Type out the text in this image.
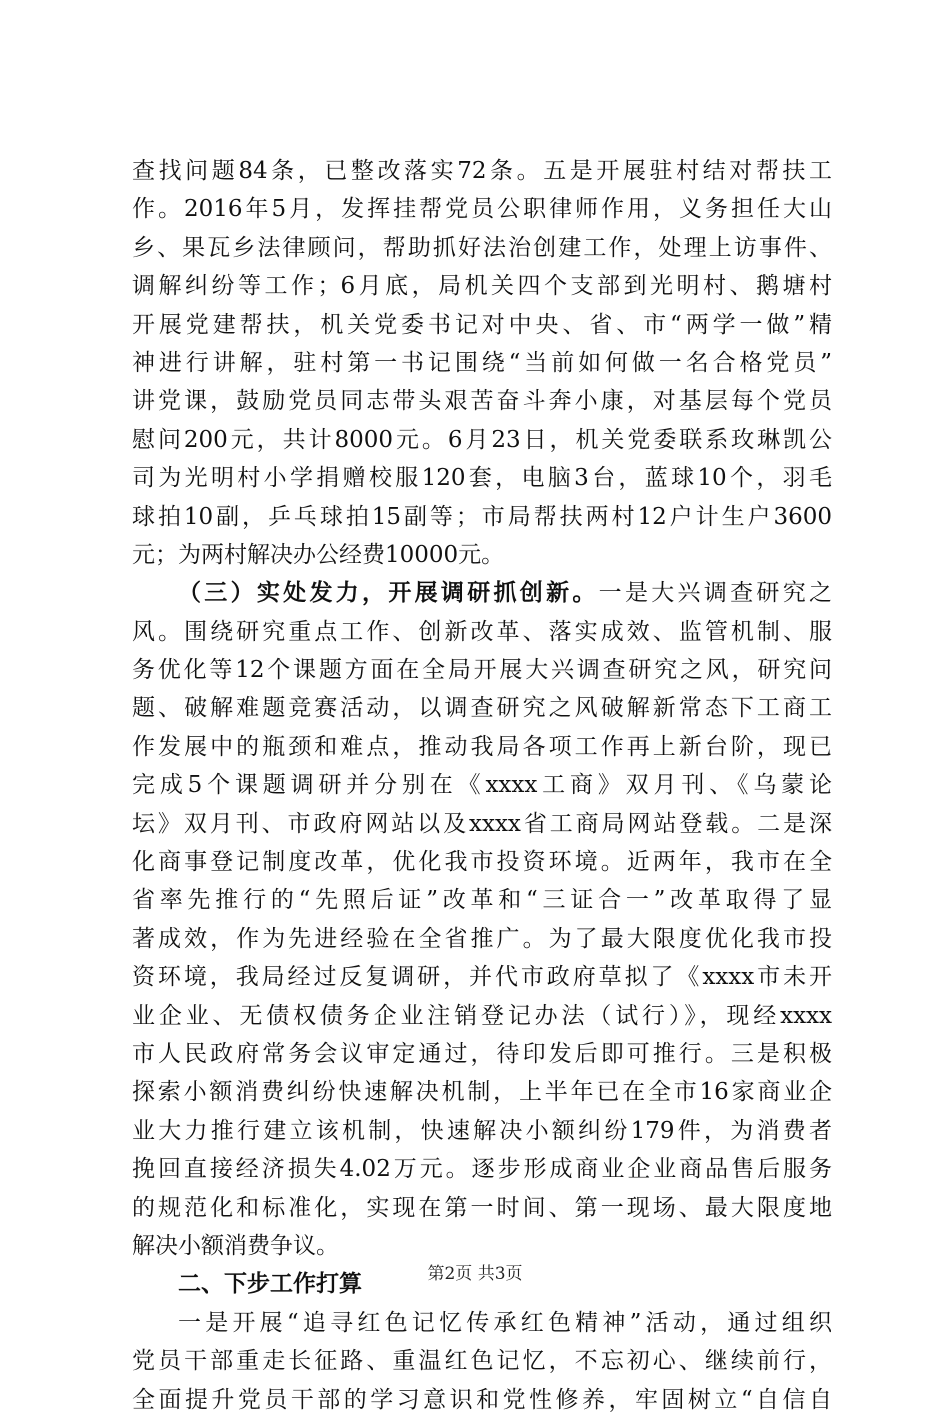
查找问题84条，已整改落实72条。五是开展驻村结对帮扶工
作。2016年5月，发挥挂帮党员公职律师作用，义务担任大山
乡、果瓦乡法律顾问，帮助抓好法治创建工作，处理上访事件、
调解纠纷等工作；6月底，局机关四个支部到光明村、鹅塘村
开展党建帮扶，机关党委书记对中央、省、市“两学一做”精
神进行讲解，驻村第一书记围绕“当前如何做一名合格党员”
讲党课，鼓励党员同志带头艰苦奋斗奔小康，对基层每个党员
慰问200元，共计8000元。6月23日，机关党委联系玫琳凯公
司为光明村小学捐赠校服120套，电脑3台，蓝球10个，羽毛
球拍10副，乒乓球拍15副等；市局帮扶两村12户计生户3600
元；为两村解决办公经费10000元。
（三）实处发力，开展调研抓创新。一是大兴调查研究之
风。围绕研究重点工作、创新改革、落实成效、监管机制、服
务优化等12个课题方面在全局开展大兴调查研究之风，研究问
题、破解难题竞赛活动，以调查研究之风破解新常态下工商工
作发展中的瓶颈和难点，推动我局各项工作再上新台阶，现已
完成5个课题调研并分别在《xxxx工商》双月刊、《乌蒙论
坛》双月刊、市政府网站以及xxxx省工商局网站登载。二是深
化商事登记制度改革，优化我市投资环境。近两年，我市在全
省率先推行的“先照后证”改革和“三证合一”改革取得了显
著成效，作为先进经验在全省推广。为了最大限度优化我市投
资环境，我局经过反复调研，并代市政府草拟了《xxxx市未开
业企业、无债权债务企业注销登记办法（试行）》，现经xxxx
市人民政府常务会议审定通过，待印发后即可推行。三是积极
探索小额消费纠纷快速解决机制，上半年已在全市16家商业企
业大力推行建立该机制，快速解决小额纠纷179件，为消费者
挽回直接经济损失4.02万元。逐步形成商业企业商品售后服务
的规范化和标准化，实现在第一时间、第一现场、最大限度地
解决小额消费争议。
二、下步工作打算
一是开展“追寻红色记忆传承红色精神”活动，通过组织
党员干部重走长征路、重温红色记忆，不忘初心、继续前行，
全面提升党员干部的学习意识和党性修养，牢固树立“自信自
第2页 共3页
